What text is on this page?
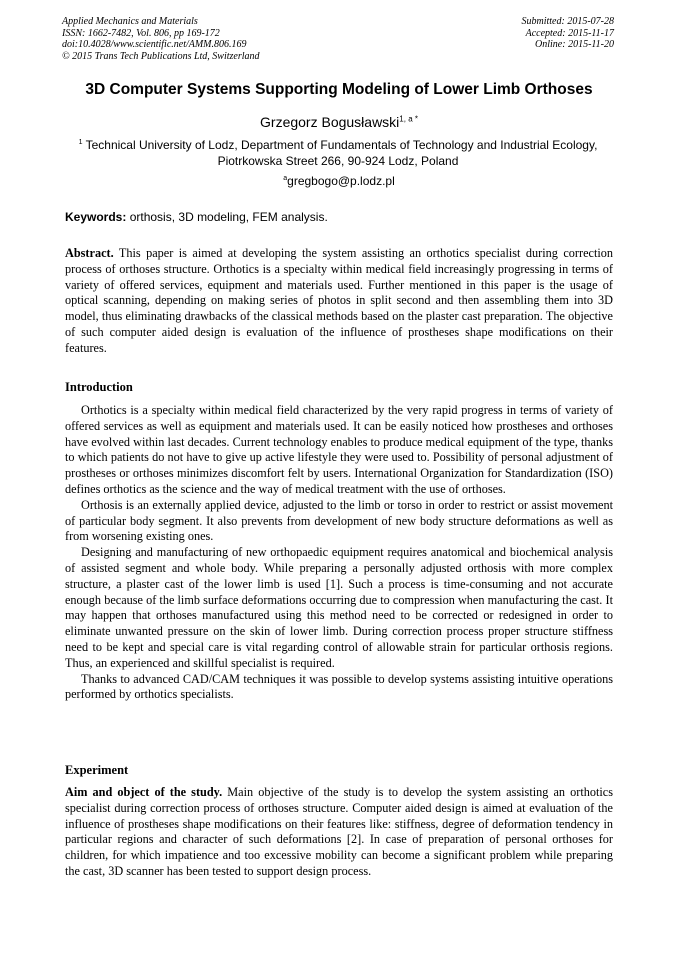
Applied Mechanics and Materials
ISSN: 1662-7482, Vol. 806, pp 169-172
doi:10.4028/www.scientific.net/AMM.806.169
© 2015 Trans Tech Publications Ltd, Switzerland
Submitted: 2015-07-28
Accepted: 2015-11-17
Online: 2015-11-20
3D Computer Systems Supporting Modeling of Lower Limb Orthoses
Grzegorz Bogusławski$^{1, a *}$
$^1$ Technical University of Lodz, Department of Fundamentals of Technology and Industrial Ecology,
Piotrkowska Street 266, 90-924 Lodz, Poland
$^a$gregbogo@p.lodz.pl
Keywords: orthosis, 3D modeling, FEM analysis.

Abstract. This paper is aimed at developing the system assisting an orthotics specialist during correction process of orthoses structure. Orthotics is a specialty within medical field increasingly progressing in terms of variety of offered services, equipment and materials used. Further mentioned in this paper is the usage of optical scanning, depending on making series of photos in split second and then assembling them into 3D model, thus eliminating drawbacks of the classical methods based on the plaster cast preparation. The objective of such computer aided design is evaluation of the influence of prostheses shape modifications on their features.

Introduction

Orthotics is a specialty within medical field characterized by the very rapid progress in terms of variety of offered services as well as equipment and materials used. It can be easily noticed how prostheses and orthoses have evolved within last decades. Current technology enables to produce medical equipment of the type, thanks to which patients do not have to give up active lifestyle they were used to. Possibility of personal adjustment of prostheses or orthoses minimizes discomfort felt by users. International Organization for Standardization (ISO) defines orthotics as the science and the way of medical treatment with the use of orthoses.

Orthosis is an externally applied device, adjusted to the limb or torso in order to restrict or assist movement of particular body segment. It also prevents from development of new body structure deformations as well as from worsening existing ones.

Designing and manufacturing of new orthopaedic equipment requires anatomical and biochemical analysis of assisted segment and whole body. While preparing a personally adjusted orthosis with more complex structure, a plaster cast of the lower limb is used [1]. Such a process is time-consuming and not accurate enough because of the limb surface deformations occurring due to compression when manufacturing the cast. It may happen that orthoses manufactured using this method need to be corrected or redesigned in order to eliminate unwanted pressure on the skin of lower limb. During correction process proper structure stiffness need to be kept and special care is vital regarding control of allowable strain for particular orthosis regions. Thus, an experienced and skillful specialist is required.

Thanks to advanced CAD/CAM techniques it was possible to develop systems assisting intuitive operations performed by orthotics specialists.

Experiment

Aim and object of the study. Main objective of the study is to develop the system assisting an orthotics specialist during correction process of orthoses structure. Computer aided design is aimed at evaluation of the influence of prostheses shape modifications on their features like: stiffness, degree of deformation tendency in particular regions and character of such deformations [2]. In case of preparation of personal orthoses for children, for which impatience and too excessive mobility can become a significant problem while preparing the cast, 3D scanner has been tested to support design process.
